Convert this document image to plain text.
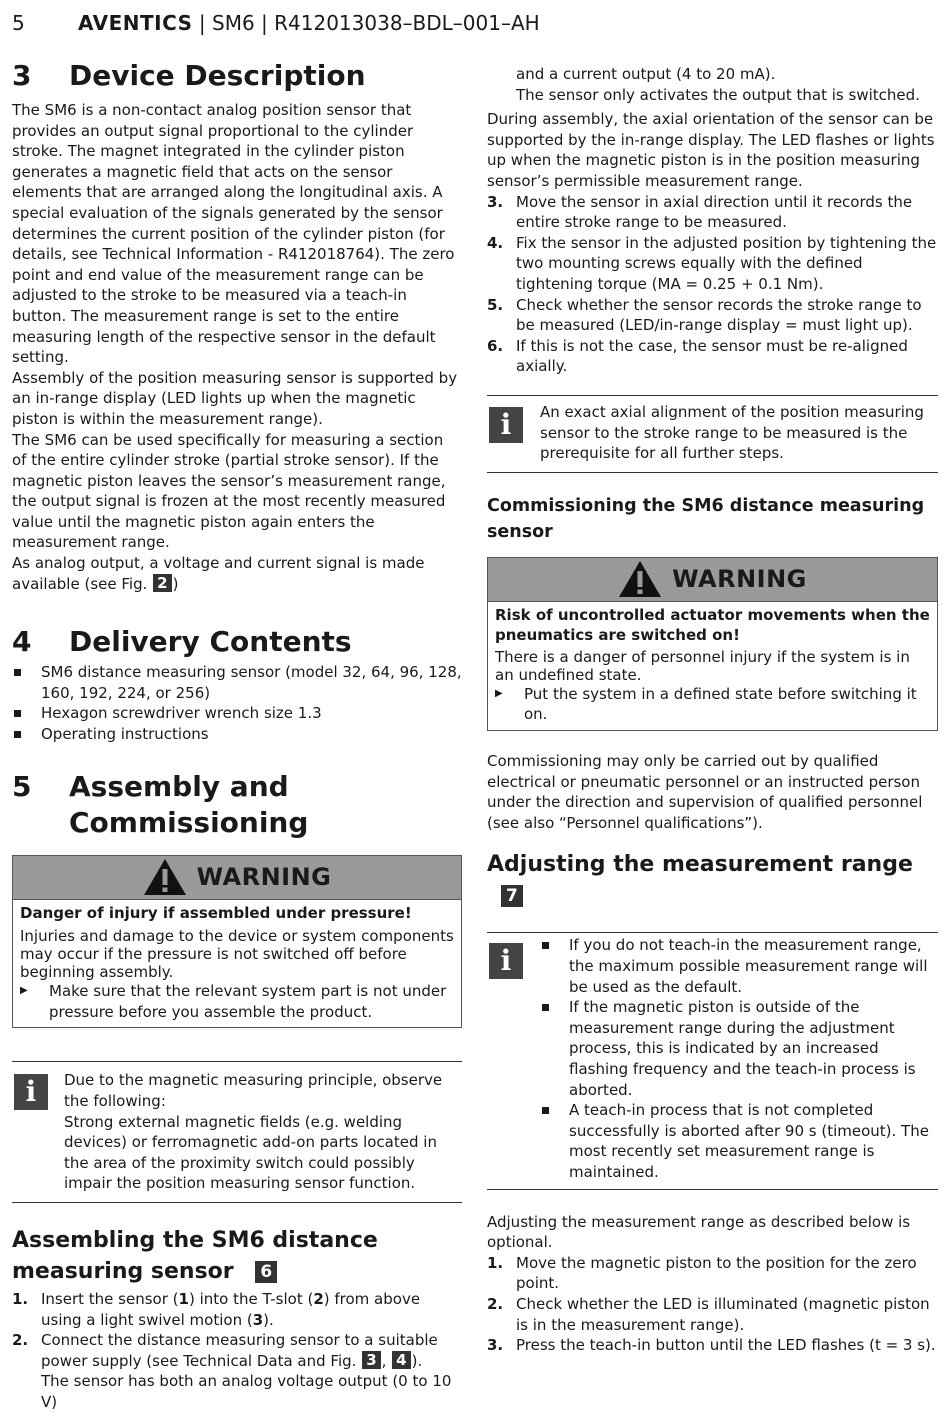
5	AVENTICS | SM6 | R412013038–BDL–001–AH
3	Device Description

The SM6 is a non-contact analog position sensor that provides an output signal proportional to the cylinder stroke. The magnet integrated in the cylinder piston generates a magnetic field that acts on the sensor elements that are arranged along the longitudinal axis. A special evaluation of the signals generated by the sensor determines the current position of the cylinder piston (for details, see Technical Information - R412018764). The zero point and end value of the measurement range can be adjusted to the stroke to be measured via a teach-in button. The measurement range is set to the entire measuring length of the respective sensor in the default setting.

Assembly of the position measuring sensor is supported by an in-range display (LED lights up when the magnetic piston is within the measurement range).

The SM6 can be used specifically for measuring a section of the entire cylinder stroke (partial stroke sensor). If the magnetic piston leaves the sensor’s measurement range, the output signal is frozen at the most recently measured value until the magnetic piston again enters the measurement range.

As analog output, a voltage and current signal is made available (see Fig. 2 )

4	Delivery Contents
SM6 distance measuring sensor (model 32, 64, 96, 128, 160, 192, 224, or 256)
Hexagon screwdriver wrench size 1.3
Operating instructions
5	Assembly and
Commissioning
WARNING
Danger of injury if assembled under pressure!
Injuries and damage to the device or system components may occur if the pressure is not switched off before beginning assembly.
▶ Make sure that the relevant system part is not under pressure before you assemble the product.
i	Due to the magnetic measuring principle, observe the following:

Strong external magnetic fields (e.g. welding devices) or ferromagnetic add-on parts located in the area of the proximity switch could possibly impair the position measuring sensor function.

Assembling the SM6 distance
measuring sensor 6
1. Insert the sensor (1) into the T-slot (2) from above using a light swivel motion (3).
2. Connect the distance measuring sensor to a suitable power supply (see Technical Data and Fig. 3 , 4 ).
The sensor has both an analog voltage output (0 to 10 V)

and a current output (4 to 20 mA).

The sensor only activates the output that is switched.

During assembly, the axial orientation of the sensor can be supported by the in-range display. The LED flashes or lights up when the magnetic piston is in the position measuring sensor’s permissible measurement range.

3. Move the sensor in axial direction until it records the entire stroke range to be measured.
4. Fix the sensor in the adjusted position by tightening the two mounting screws equally with the defined tightening torque (MA = 0.25 + 0.1 Nm).
5. Check whether the sensor records the stroke range to be measured (LED/in-range display = must light up).
6. If this is not the case, the sensor must be re-aligned axially.
i	An exact axial alignment of the position measuring sensor to the stroke range to be measured is the prerequisite for all further steps.

Commissioning the SM6 distance measuring sensor
WARNING
Risk of uncontrolled actuator movements when the pneumatics are switched on!
There is a danger of personnel injury if the system is in an undefined state.
▶ Put the system in a defined state before switching it on.

Commissioning may only be carried out by qualified electrical or pneumatic personnel or an instructed person under the direction and supervision of qualified personnel (see also “Personnel qualifications”).

Adjusting the measurement range 7
i	If you do not teach-in the measurement range, the maximum possible measurement range will be used as the default.
If the magnetic piston is outside of the measurement range during the adjustment process, this is indicated by an increased flashing frequency and the teach-in process is aborted.
A teach-in process that is not completed successfully is aborted after 90 s (timeout). The most recently set measurement range is maintained.

Adjusting the measurement range as described below is optional.

1. Move the magnetic piston to the position for the zero point.
2. Check whether the LED is illuminated (magnetic piston is in the measurement range).
3. Press the teach-in button until the LED flashes (t = 3 s).
